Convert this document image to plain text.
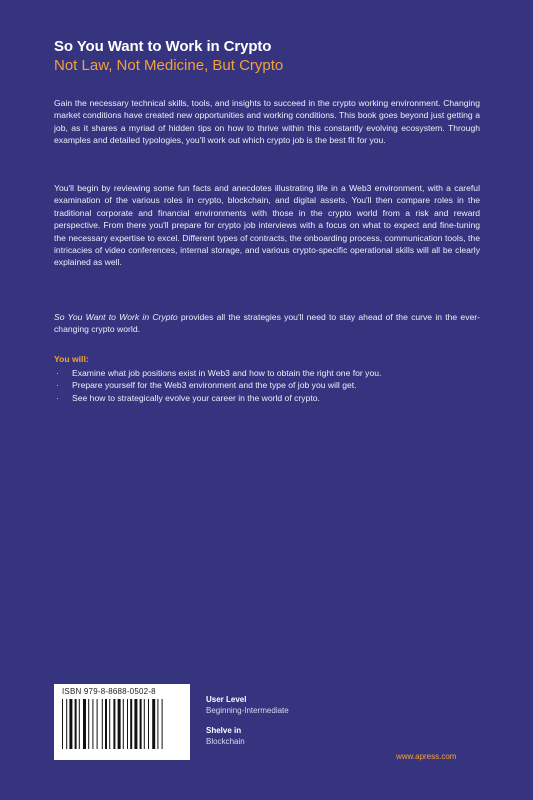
So You Want to Work in Crypto
Not Law, Not Medicine, But Crypto

Gain the necessary technical skills, tools, and insights to succeed in the crypto working environment. Changing market conditions have created new opportunities and working conditions. This book goes beyond just getting a job, as it shares a myriad of hidden tips on how to thrive within this constantly evolving ecosystem. Through examples and detailed typologies, you'll work out which crypto job is the best fit for you.

You'll begin by reviewing some fun facts and anecdotes illustrating life in a Web3 environment, with a careful examination of the various roles in crypto, blockchain, and digital assets. You'll then compare roles in the traditional corporate and financial environments with those in the crypto world from a risk and reward perspective. From there you'll prepare for crypto job interviews with a focus on what to expect and fine-tuning the necessary expertise to excel. Different types of contracts, the onboarding process, communication tools, the intricacies of video conferences, internal storage, and various crypto-specific operational skills will all be clearly explained as well.

So You Want to Work in Crypto provides all the strategies you'll need to stay ahead of the curve in the ever-changing crypto world.

You will:
· Examine what job positions exist in Web3 and how to obtain the right one for you.
· Prepare yourself for the Web3 environment and the type of job you will get.
· See how to strategically evolve your career in the world of crypto.
ISBN 979-8-8688-0502-8
User Level
Beginning-Intermediate
Shelve in
Blockchain
www.apress.com
